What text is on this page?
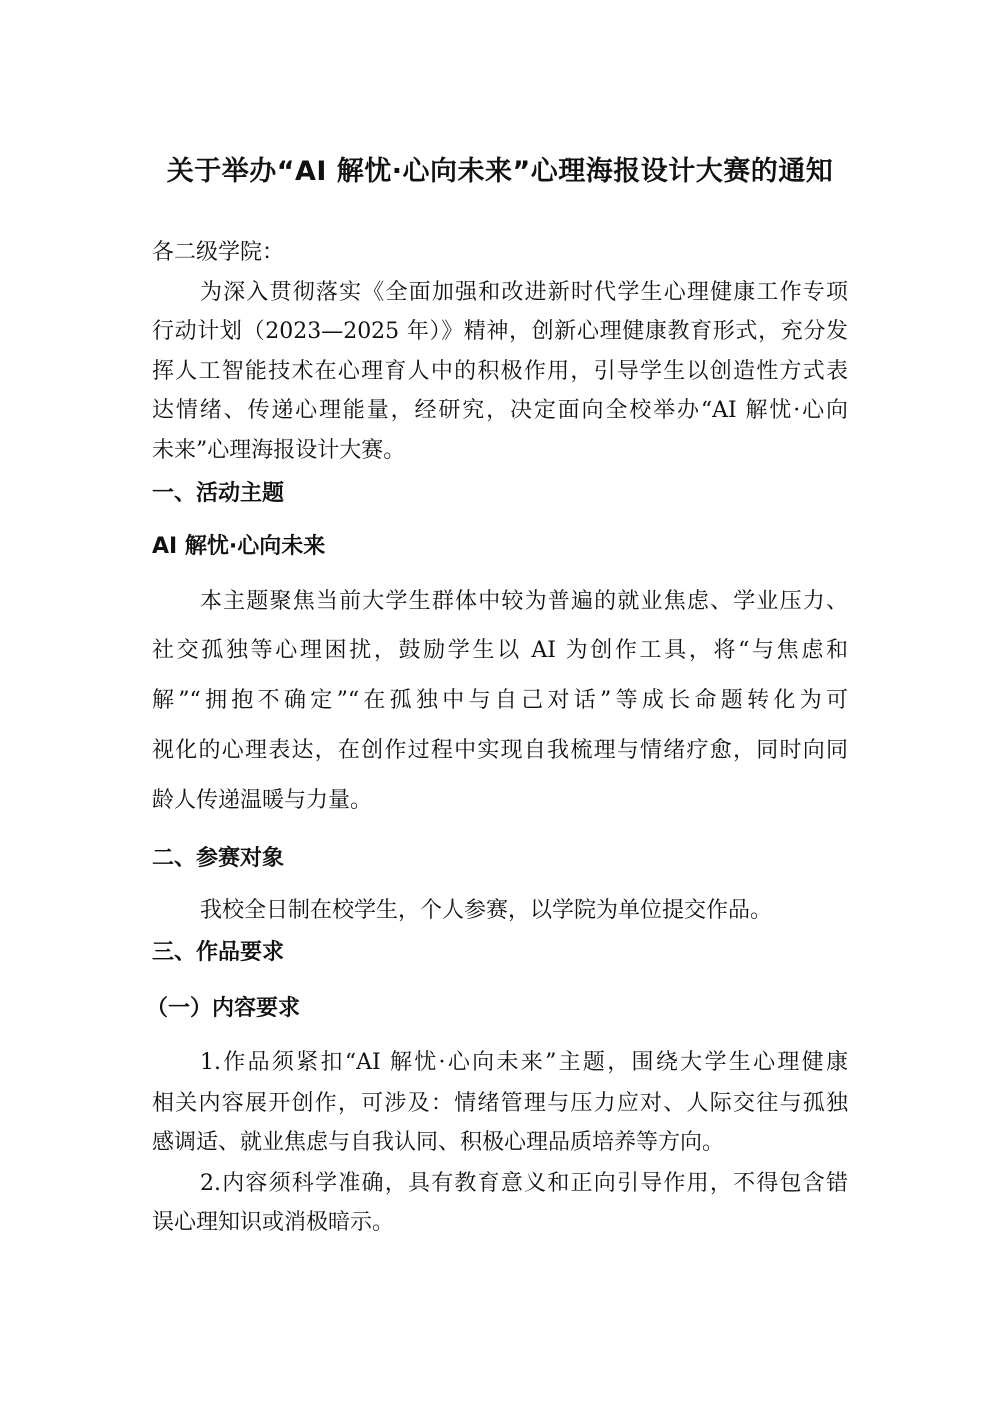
关于举办“AI 解忧·心向未来”心理海报设计大赛的通知
各二级学院：
为深入贯彻落实《全面加强和改进新时代学生心理健康工作专项
行动计划（2023—2025 年）》精神，创新心理健康教育形式，充分发
挥人工智能技术在心理育人中的积极作用，引导学生以创造性方式表
达情绪、传递心理能量，经研究，决定面向全校举办“AI 解忧·心向
未来”心理海报设计大赛。
一、活动主题
AI 解忧·心向未来
本主题聚焦当前大学生群体中较为普遍的就业焦虑、学业压力、
社交孤独等心理困扰，鼓励学生以 AI 为创作工具，将“与焦虑和
解”“拥抱不确定”“在孤独中与自己对话”等成长命题转化为可
视化的心理表达，在创作过程中实现自我梳理与情绪疗愈，同时向同
龄人传递温暖与力量。
二、参赛对象
我校全日制在校学生，个人参赛，以学院为单位提交作品。
三、作品要求
（一）内容要求
1.作品须紧扣“AI 解忧·心向未来”主题，围绕大学生心理健康
相关内容展开创作，可涉及：情绪管理与压力应对、人际交往与孤独
感调适、就业焦虑与自我认同、积极心理品质培养等方向。
2.内容须科学准确，具有教育意义和正向引导作用，不得包含错
误心理知识或消极暗示。
